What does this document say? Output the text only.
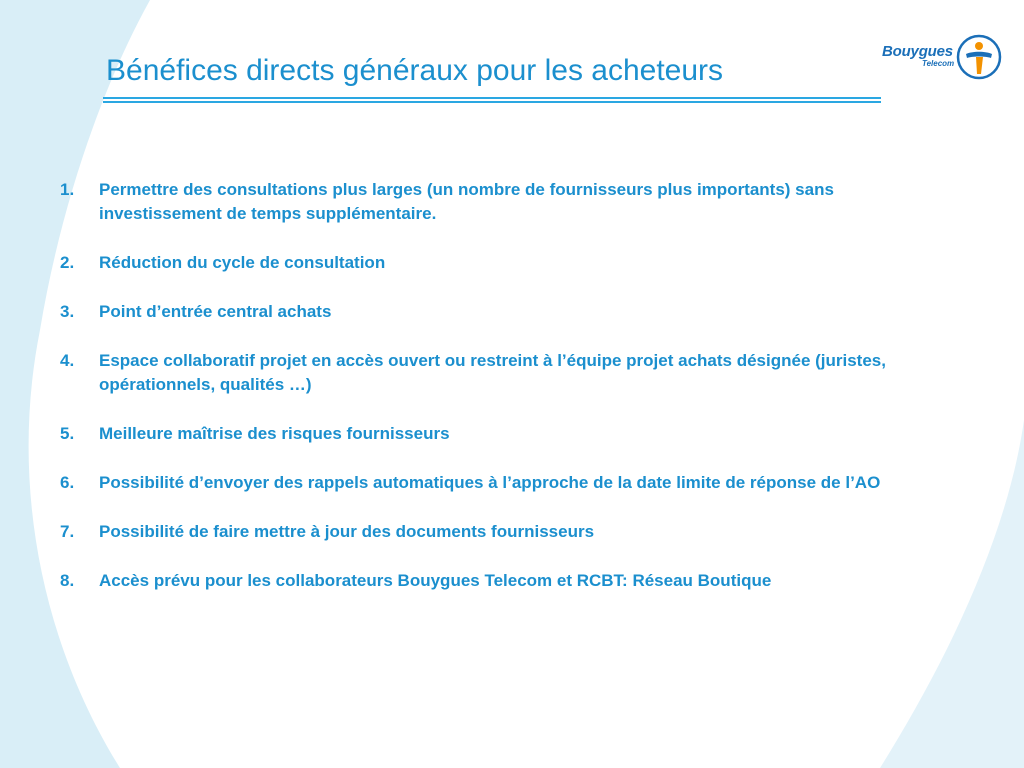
Bénéfices directs généraux pour les acheteurs
Bouygues
Telecom
1. Permettre des consultations plus larges (un nombre de fournisseurs plus importants) sans investissement de temps supplémentaire.
2. Réduction du cycle de consultation
3. Point d’entrée central achats
4. Espace collaboratif projet en accès ouvert ou restreint à l’équipe projet achats désignée (juristes, opérationnels, qualités …)
5. Meilleure maîtrise des risques fournisseurs
6. Possibilité d’envoyer des rappels automatiques à l’approche de la date limite de réponse de l’AO
7. Possibilité de faire mettre à jour des documents fournisseurs
8. Accès prévu pour les collaborateurs Bouygues Telecom et RCBT: Réseau Boutique
